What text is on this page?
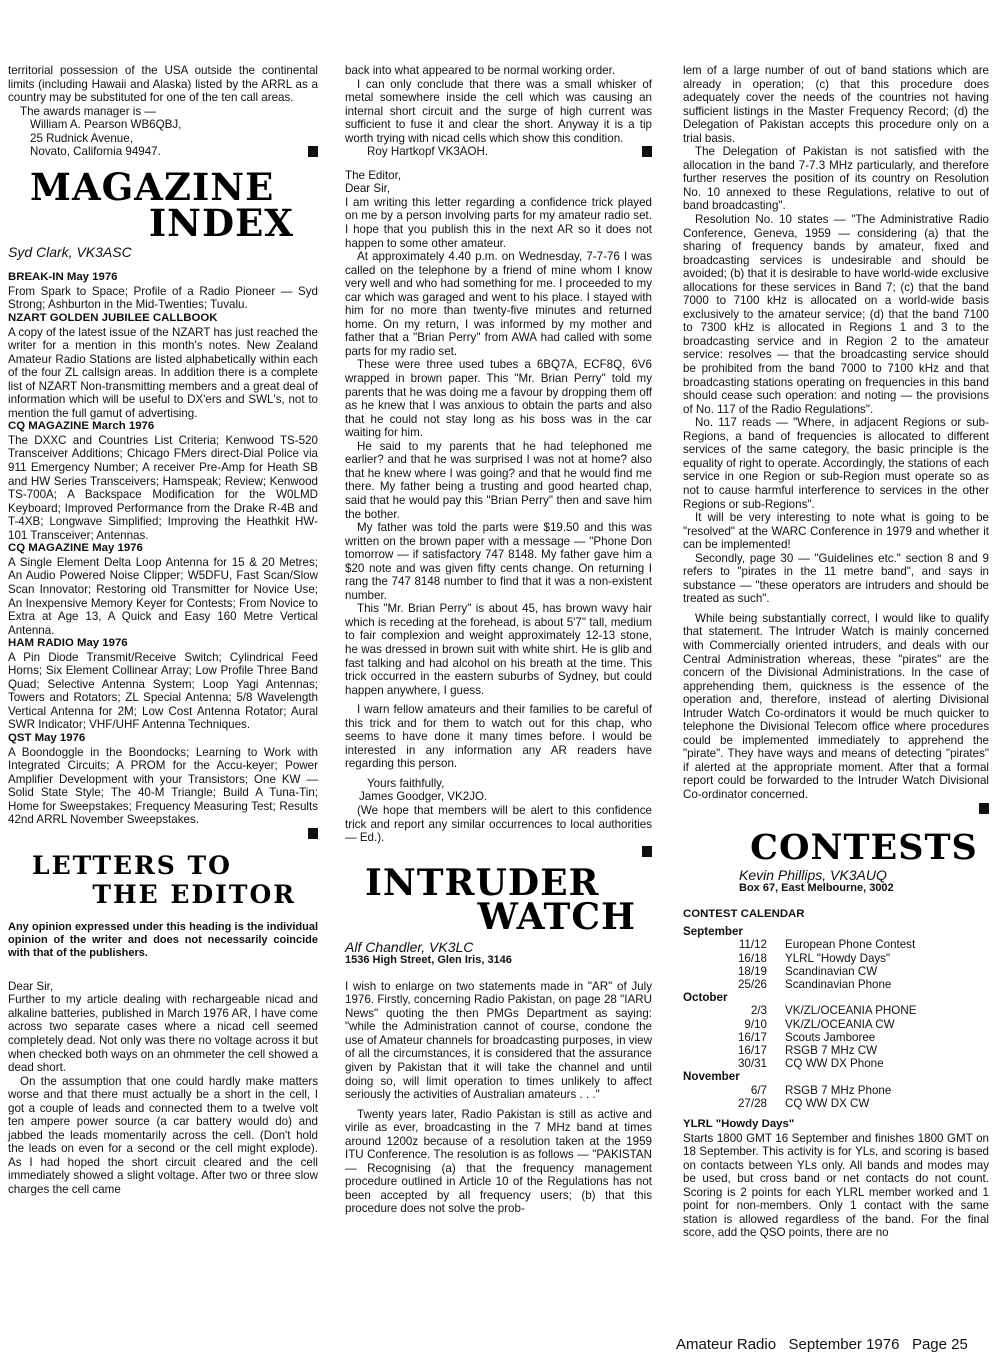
territorial possession of the USA outside the continental limits (including Hawaii and Alaska) listed by the ARRL as a country may be substituted for one of the ten call areas.

The awards manager is —

William A. Pearson WB6QBJ,

25 Rudnick Avenue,

Novato, California 94947.

MAGAZINE
INDEX

Syd Clark, VK3ASC

BREAK-IN May 1976

From Spark to Space; Profile of a Radio Pioneer — Syd Strong; Ashburton in the Mid-Twenties; Tuvalu.

NZART GOLDEN JUBILEE CALLBOOK

A copy of the latest issue of the NZART has just reached the writer for a mention in this month's notes. New Zealand Amateur Radio Stations are listed alphabetically within each of the four ZL callsign areas. In addition there is a complete list of NZART Non-transmitting members and a great deal of information which will be useful to DX'ers and SWL's, not to mention the full gamut of advertising.

CQ MAGAZINE March 1976

The DXXC and Countries List Criteria; Kenwood TS-520 Transceiver Additions; Chicago FMers direct-Dial Police via 911 Emergency Number; A receiver Pre-Amp for Heath SB and HW Series Transceivers; Hamspeak; Review; Kenwood TS-700A; A Backspace Modification for the W0LMD Keyboard; Improved Performance from the Drake R-4B and T-4XB; Longwave Simplified; Improving the Heathkit HW-101 Transceiver; Antennas.

CQ MAGAZINE May 1976

A Single Element Delta Loop Antenna for 15 & 20 Metres; An Audio Powered Noise Clipper; W5DFU, Fast Scan/Slow Scan Innovator; Restoring old Transmitter for Novice Use; An Inexpensive Memory Keyer for Contests; From Novice to Extra at Age 13, A Quick and Easy 160 Metre Vertical Antenna.

HAM RADIO May 1976

A Pin Diode Transmit/Receive Switch; Cylindrical Feed Horns; Six Element Collinear Array; Low Profile Three Band Quad; Selective Antenna System; Loop Yagi Antennas; Towers and Rotators; ZL Special Antenna; 5/8 Wavelength Vertical Antenna for 2M; Low Cost Antenna Rotator; Aural SWR Indicator; VHF/UHF Antenna Techniques.

QST May 1976

A Boondoggle in the Boondocks; Learning to Work with Integrated Circuits; A PROM for the Accu-keyer; Power Amplifier Development with your Transistors; One KW — Solid State Style; The 40-M Triangle; Build A Tuna-Tin; Home for Sweepstakes; Frequency Measuring Test; Results 42nd ARRL November Sweepstakes.

LETTERS TO
THE EDITOR

Any opinion expressed under this heading is the individual opinion of the writer and does not necessarily coincide with that of the publishers.

Dear Sir,

Further to my article dealing with rechargeable nicad and alkaline batteries, published in March 1976 AR, I have come across two separate cases where a nicad cell seemed completely dead. Not only was there no voltage across it but when checked both ways on an ohmmeter the cell showed a dead short.

On the assumption that one could hardly make matters worse and that there must actually be a short in the cell, I got a couple of leads and connected them to a twelve volt ten ampere power source (a car battery would do) and jabbed the leads momentarily across the cell. (Don't hold the leads on even for a second or the cell might explode). As I had hoped the short circuit cleared and the cell immediately showed a slight voltage. After two or three slow charges the cell came

back into what appeared to be normal working order.

I can only conclude that there was a small whisker of metal somewhere inside the cell which was causing an internal short circuit and the surge of high current was sufficient to fuse it and clear the short. Anyway it is a tip worth trying with nicad cells which show this condition.

Roy Hartkopf VK3AOH.

The Editor,

Dear Sir,

I am writing this letter regarding a confidence trick played on me by a person involving parts for my amateur radio set. I hope that you publish this in the next AR so it does not happen to some other amateur.

At approximately 4.40 p.m. on Wednesday, 7-7-76 I was called on the telephone by a friend of mine whom I know very well and who had something for me. I proceeded to my car which was garaged and went to his place. I stayed with him for no more than twenty-five minutes and returned home. On my return, I was informed by my mother and father that a "Brian Perry" from AWA had called with some parts for my radio set.

These were three used tubes a 6BQ7A, ECF8Q, 6V6 wrapped in brown paper. This "Mr. Brian Perry" told my parents that he was doing me a favour by dropping them off as he knew that I was anxious to obtain the parts and also that he could not stay long as his boss was in the car waiting for him.

He said to my parents that he had telephoned me earlier? and that he was surprised I was not at home? also that he knew where I was going? and that he would find me there. My father being a trusting and good hearted chap, said that he would pay this "Brian Perry" then and save him the bother.

My father was told the parts were $19.50 and this was written on the brown paper with a message — "Phone Don tomorrow — if satisfactory 747 8148. My father gave him a $20 note and was given fifty cents change. On returning I rang the 747 8148 number to find that it was a non-existent number.

This "Mr. Brian Perry" is about 45, has brown wavy hair which is receding at the forehead, is about 5'7" tall, medium to fair complexion and weight approximately 12-13 stone, he was dressed in brown suit with white shirt. He is glib and fast talking and had alcohol on his breath at the time. This trick occurred in the eastern suburbs of Sydney, but could happen anywhere, I guess.

I warn fellow amateurs and their families to be careful of this trick and for them to watch out for this chap, who seems to have done it many times before. I would be interested in any information any AR readers have regarding this person.

Yours faithfully,

James Goodger, VK2JO.

(We hope that members will be alert to this confidence trick and report any similar occurrences to local authorities — Ed.).

INTRUDER
WATCH

Alf Chandler, VK3LC

1536 High Street, Glen Iris, 3146

I wish to enlarge on two statements made in "AR" of July 1976. Firstly, concerning Radio Pakistan, on page 28 "IARU News" quoting the then PMGs Department as saying: "while the Administration cannot of course, condone the use of Amateur channels for broadcasting purposes, in view of all the circumstances, it is considered that the assurance given by Pakistan that it will take the channel and until doing so, will limit operation to times unlikely to affect seriously the activities of Australian amateurs . . ."

Twenty years later, Radio Pakistan is still as active and virile as ever, broadcasting in the 7 MHz band at times around 1200z because of a resolution taken at the 1959 ITU Conference. The resolution is as follows — "PAKISTAN — Recognising (a) that the frequency management procedure outlined in Article 10 of the Regulations has not been accepted by all frequency users; (b) that this procedure does not solve the prob-

lem of a large number of out of band stations which are already in operation; (c) that this procedure does adequately cover the needs of the countries not having sufficient listings in the Master Frequency Record; (d) the Delegation of Pakistan accepts this procedure only on a trial basis.

The Delegation of Pakistan is not satisfied with the allocation in the band 7-7.3 MHz particularly, and therefore further reserves the position of its country on Resolution No. 10 annexed to these Regulations, relative to out of band broadcasting".

Resolution No. 10 states — "The Administrative Radio Conference, Geneva, 1959 — considering (a) that the sharing of frequency bands by amateur, fixed and broadcasting services is undesirable and should be avoided; (b) that it is desirable to have world-wide exclusive allocations for these services in Band 7; (c) that the band 7000 to 7100 kHz is allocated on a world-wide basis exclusively to the amateur service; (d) that the band 7100 to 7300 kHz is allocated in Regions 1 and 3 to the broadcasting service and in Region 2 to the amateur service: resolves — that the broadcasting service should be prohibited from the band 7000 to 7100 kHz and that broadcasting stations operating on frequencies in this band should cease such operation: and noting — the provisions of No. 117 of the Radio Regulations".

No. 117 reads — "Where, in adjacent Regions or sub-Regions, a band of frequencies is allocated to different services of the same category, the basic principle is the equality of right to operate. Accordingly, the stations of each service in one Region or sub-Region must operate so as not to cause harmful interference to services in the other Regions or sub-Regions".

It will be very interesting to note what is going to be "resolved" at the WARC Conference in 1979 and whether it can be implemented!

Secondly, page 30 — "Guidelines etc." section 8 and 9 refers to "pirates in the 11 metre band", and says in substance — "these operators are intruders and should be treated as such".

While being substantially correct, I would like to qualify that statement. The Intruder Watch is mainly concerned with Commercially oriented intruders, and deals with our Central Administration whereas, these "pirates" are the concern of the Divisional Administrations. In the case of apprehending them, quickness is the essence of the operation and, therefore, instead of alerting Divisional Intruder Watch Co-ordinators it would be much quicker to telephone the Divisional Telecom office where procedures could be implemented immediately to apprehend the "pirate". They have ways and means of detecting "pirates" if alerted at the appropriate moment. After that a formal report could be forwarded to the Intruder Watch Divisional Co-ordinator concerned.

CONTESTS

Kevin Phillips, VK3AUQ

Box 67, East Melbourne, 3002

CONTEST CALENDAR

September	
11/12	European Phone Contest
16/18	YLRL "Howdy Days"
18/19	Scandinavian CW
25/26	Scandinavian Phone
October	
2/3	VK/ZL/OCEANIA PHONE
9/10	VK/ZL/OCEANIA CW
16/17	Scouts Jamboree
16/17	RSGB 7 MHz CW
30/31	CQ WW DX Phone
November	
6/7	RSGB 7 MHz Phone
27/28	CQ WW DX CW

YLRL "Howdy Days"

Starts 1800 GMT 16 September and finishes 1800 GMT on 18 September. This activity is for YLs, and scoring is based on contacts between YLs only. All bands and modes may be used, but cross band or net contacts do not count. Scoring is 2 points for each YLRL member worked and 1 point for non-members. Only 1 contact with the same station is allowed regardless of the band. For the final score, add the QSO points, there are no

Amateur Radio   September 1976   Page 25
